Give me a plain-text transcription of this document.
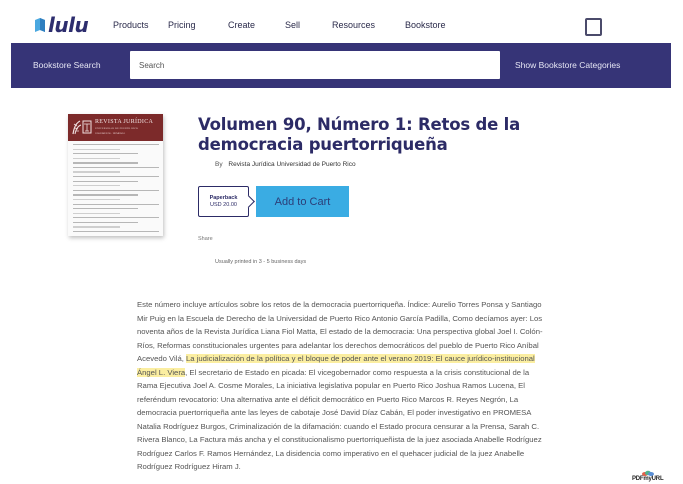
lulu	Products Pricing	Create	Sell	Resources	Bookstore
Bookstore Search
Search	Show Bookstore Categories
REVISTA JURÍDICA
UNIVERSIDAD DE PUERTO RICO
VOLUMEN 90 · NÚMERO 1	Volumen 90, Número 1: Retos de la democracia puertorriqueña
By Revista Jurídica Universidad de Puerto Rico
Paperback
USD 20.00	Add to Cart
Share
Usually printed in 3 - 5 business days

Este número incluye artículos sobre los retos de la democracia puertorriqueña. Índice: Aurelio Torres Ponsa y Santiago Mir Puig en la Escuela de Derecho de la Universidad de Puerto Rico Antonio García Padilla, Como decíamos ayer: Los noventa años de la Revista Jurídica Liana Fiol Matta, El estado de la democracia: Una perspectiva global Joel I. Colón-Ríos, Reformas constitucionales urgentes para adelantar los derechos democráticos del pueblo de Puerto Rico Aníbal Acevedo Vilá, La judicialización de la política y el bloque de poder ante el verano 2019: El cauce jurídico-institucional Ángel L. Viera, El secretario de Estado en picada: El vicegobernador como respuesta a la crisis constitucional de la Rama Ejecutiva Joel A. Cosme Morales, La iniciativa legislativa popular en Puerto Rico Joshua Ramos Lucena, El referéndum revocatorio: Una alternativa ante el déficit democrático en Puerto Rico Marcos R. Reyes Negrón, La democracia puertorriqueña ante las leyes de cabotaje José David Díaz Cabán, El poder investigativo en PROMESA Natalia Rodríguez Burgos, Criminalización de la difamación: cuando el Estado procura censurar a la Prensa, Sarah C. Rivera Blanco, La Factura más ancha y el constitucionalismo puertorriqueñista de la juez asociada Anabelle Rodríguez Rodríguez Carlos F. Ramos Hernández, La disidencia como imperativo en el quehacer judicial de la juez Anabelle Rodríguez Rodríguez Hiram J.

PDFmyURL
